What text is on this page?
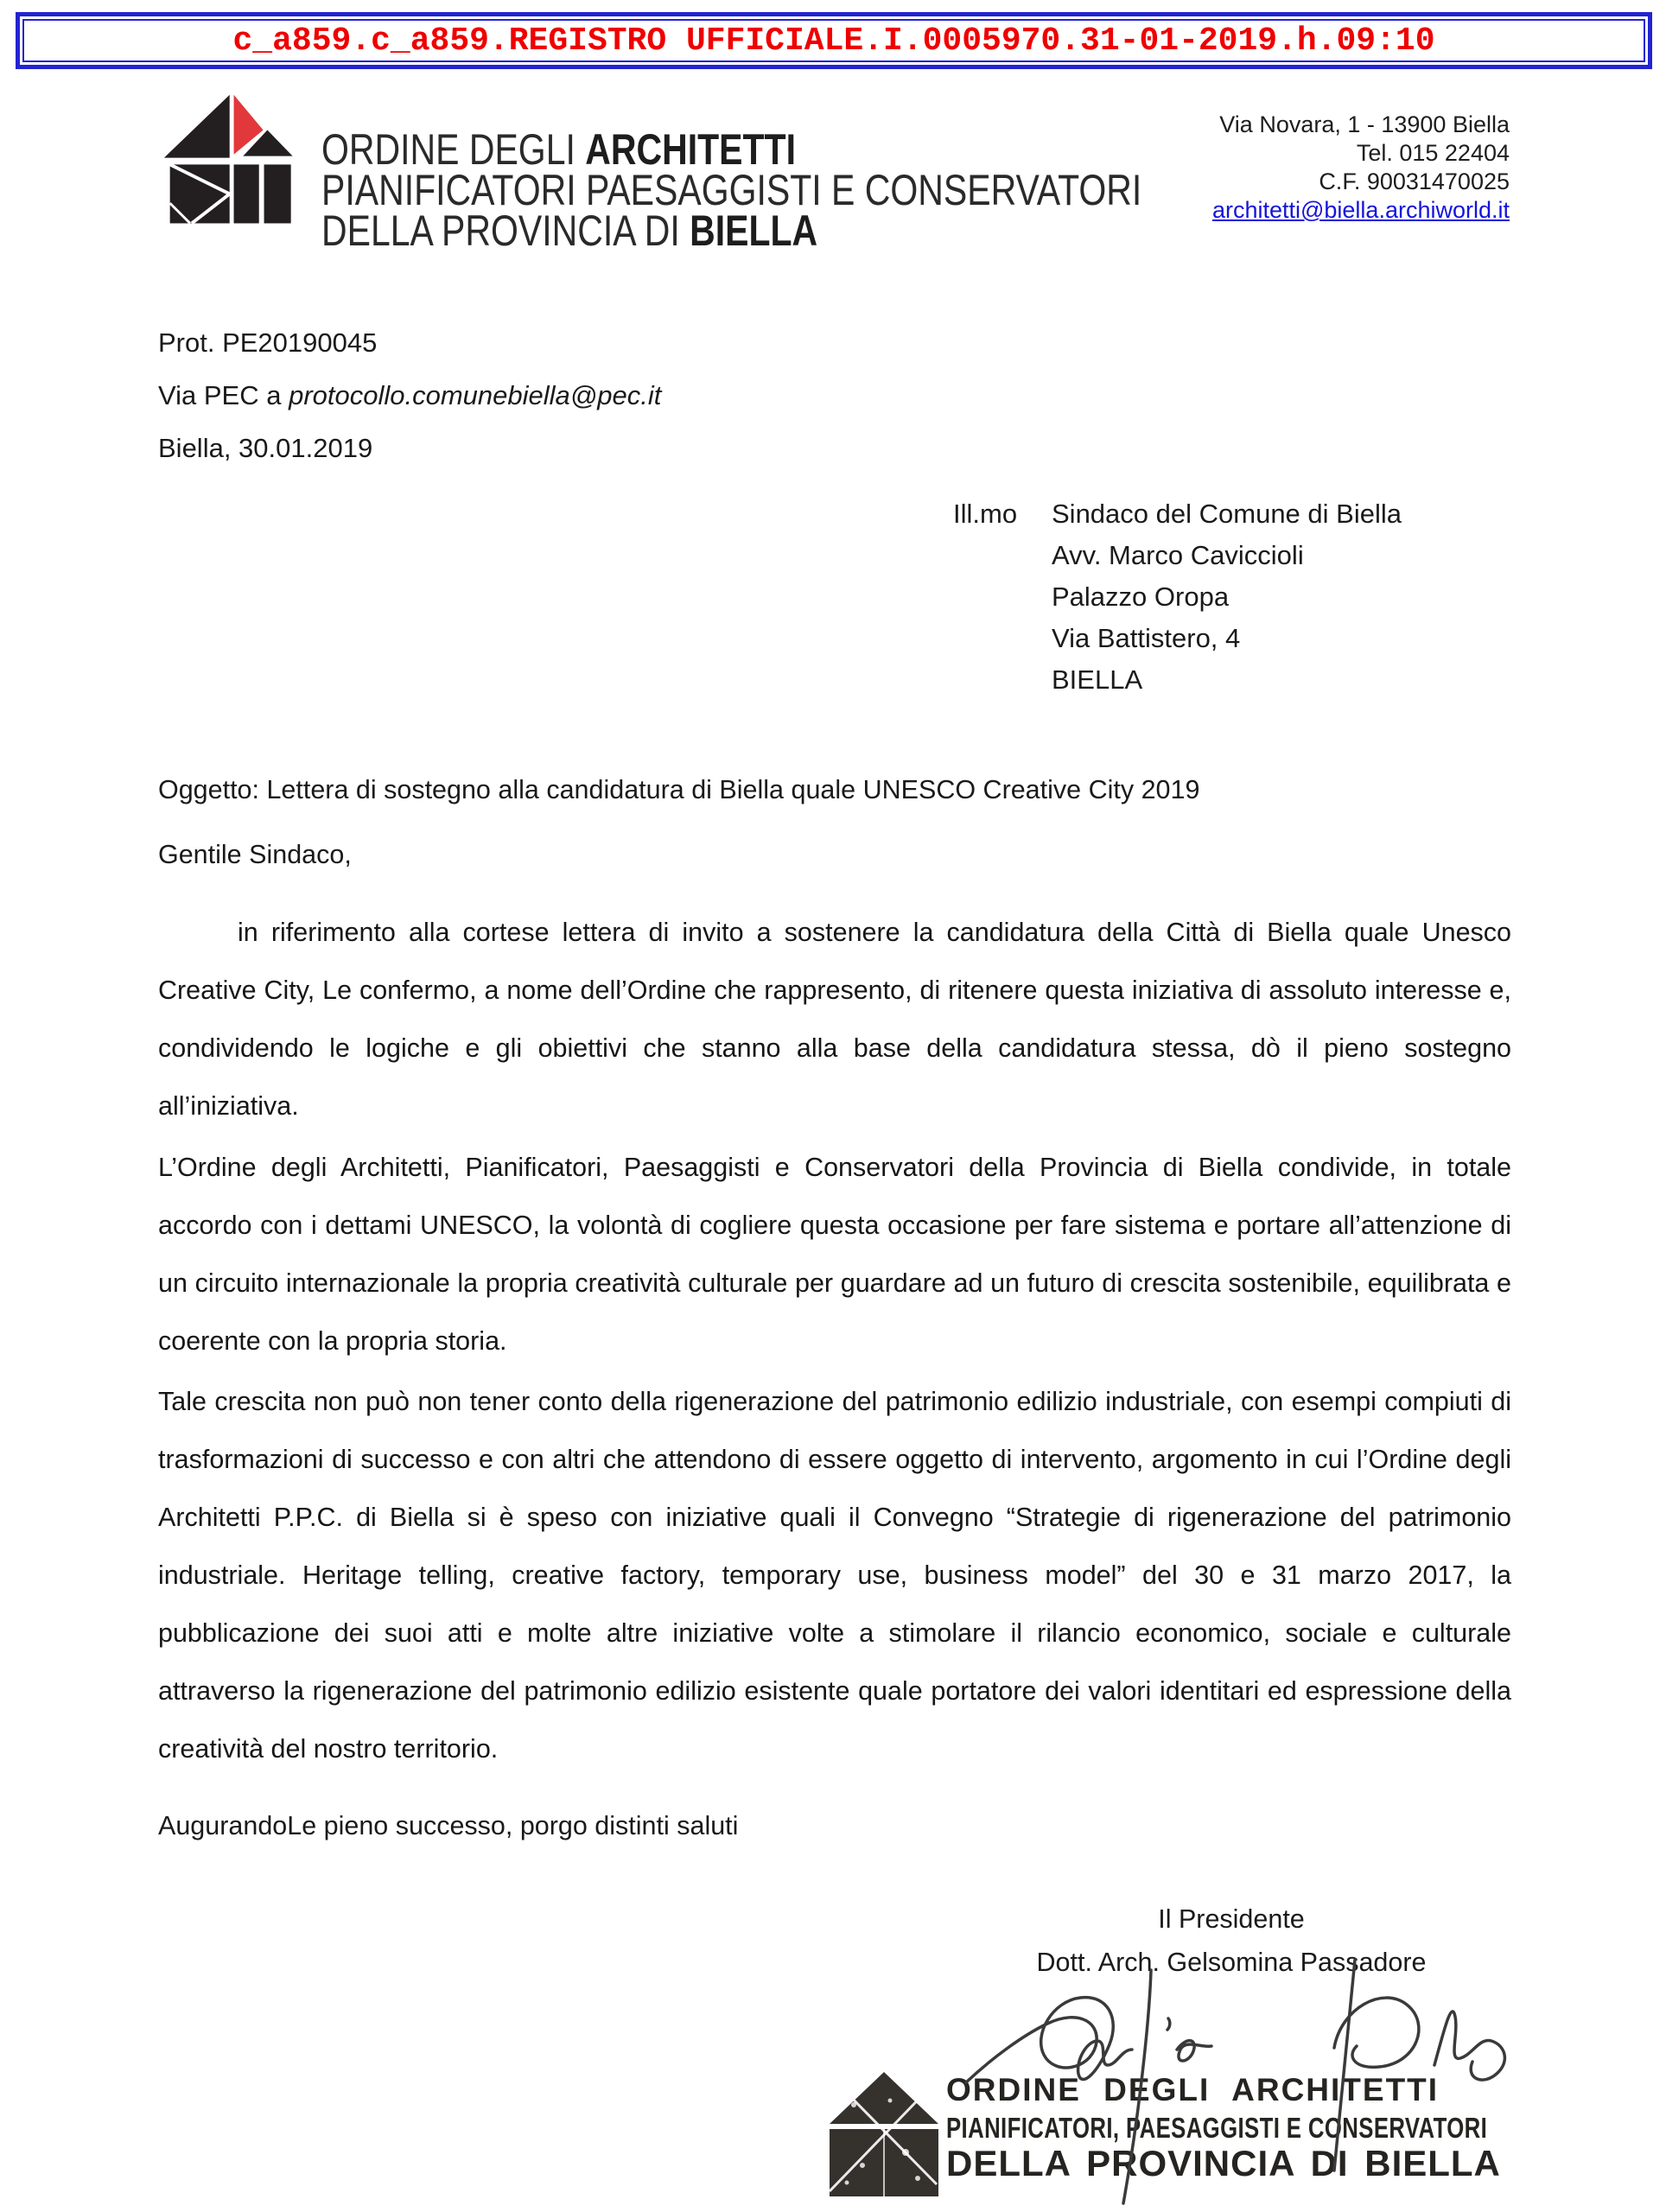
c_a859.c_a859.REGISTRO UFFICIALE.I.0005970.31-01-2019.h.09:10
ORDINE DEGLI ARCHITETTI
PIANIFICATORI PAESAGGISTI E CONSERVATORI
DELLA PROVINCIA DI BIELLA
Via Novara, 1 - 13900 Biella
Tel. 015 22404
C.F. 90031470025
architetti@biella.archiworld.it
Prot. PE20190045
Via PEC a protocollo.comunebiella@pec.it
Biella, 30.01.2019
Ill.mo Sindaco del Comune di Biella
Avv. Marco Caviccioli
Palazzo Oropa
Via Battistero, 4
BIELLA
Oggetto: Lettera di sostegno alla candidatura di Biella quale UNESCO Creative City 2019
Gentile Sindaco,
in riferimento alla cortese lettera di invito a sostenere la candidatura della Città di Biella quale Unesco Creative City, Le confermo, a nome dell’Ordine che rappresento, di ritenere questa iniziativa di assoluto interesse e, condividendo le logiche e gli obiettivi che stanno alla base della candidatura stessa, dò il pieno sostegno all’iniziativa.
L’Ordine degli Architetti, Pianificatori, Paesaggisti e Conservatori della Provincia di Biella condivide, in totale accordo con i dettami UNESCO, la volontà di cogliere questa occasione per fare sistema e portare all’attenzione di un circuito internazionale la propria creatività culturale per guardare ad un futuro di crescita sostenibile, equilibrata e coerente con la propria storia.
Tale crescita non può non tener conto della rigenerazione del patrimonio edilizio industriale, con esempi compiuti di trasformazioni di successo e con altri che attendono di essere oggetto di intervento, argomento in cui l’Ordine degli Architetti P.P.C. di Biella si è speso con iniziative quali il Convegno “Strategie di rigenerazione del patrimonio industriale. Heritage telling, creative factory, temporary use, business model” del 30 e 31 marzo 2017, la pubblicazione dei suoi atti e molte altre iniziative volte a stimolare il rilancio economico, sociale e culturale attraverso la rigenerazione del patrimonio edilizio esistente quale portatore dei valori identitari ed espressione della creatività del nostro territorio.
AugurandoLe pieno successo, porgo distinti saluti
Il Presidente
Dott. Arch. Gelsomina Passadore
ORDINE DEGLI ARCHITETTI
PIANIFICATORI, PAESAGGISTI E CONSERVATORI
DELLA PROVINCIA DI BIELLA
